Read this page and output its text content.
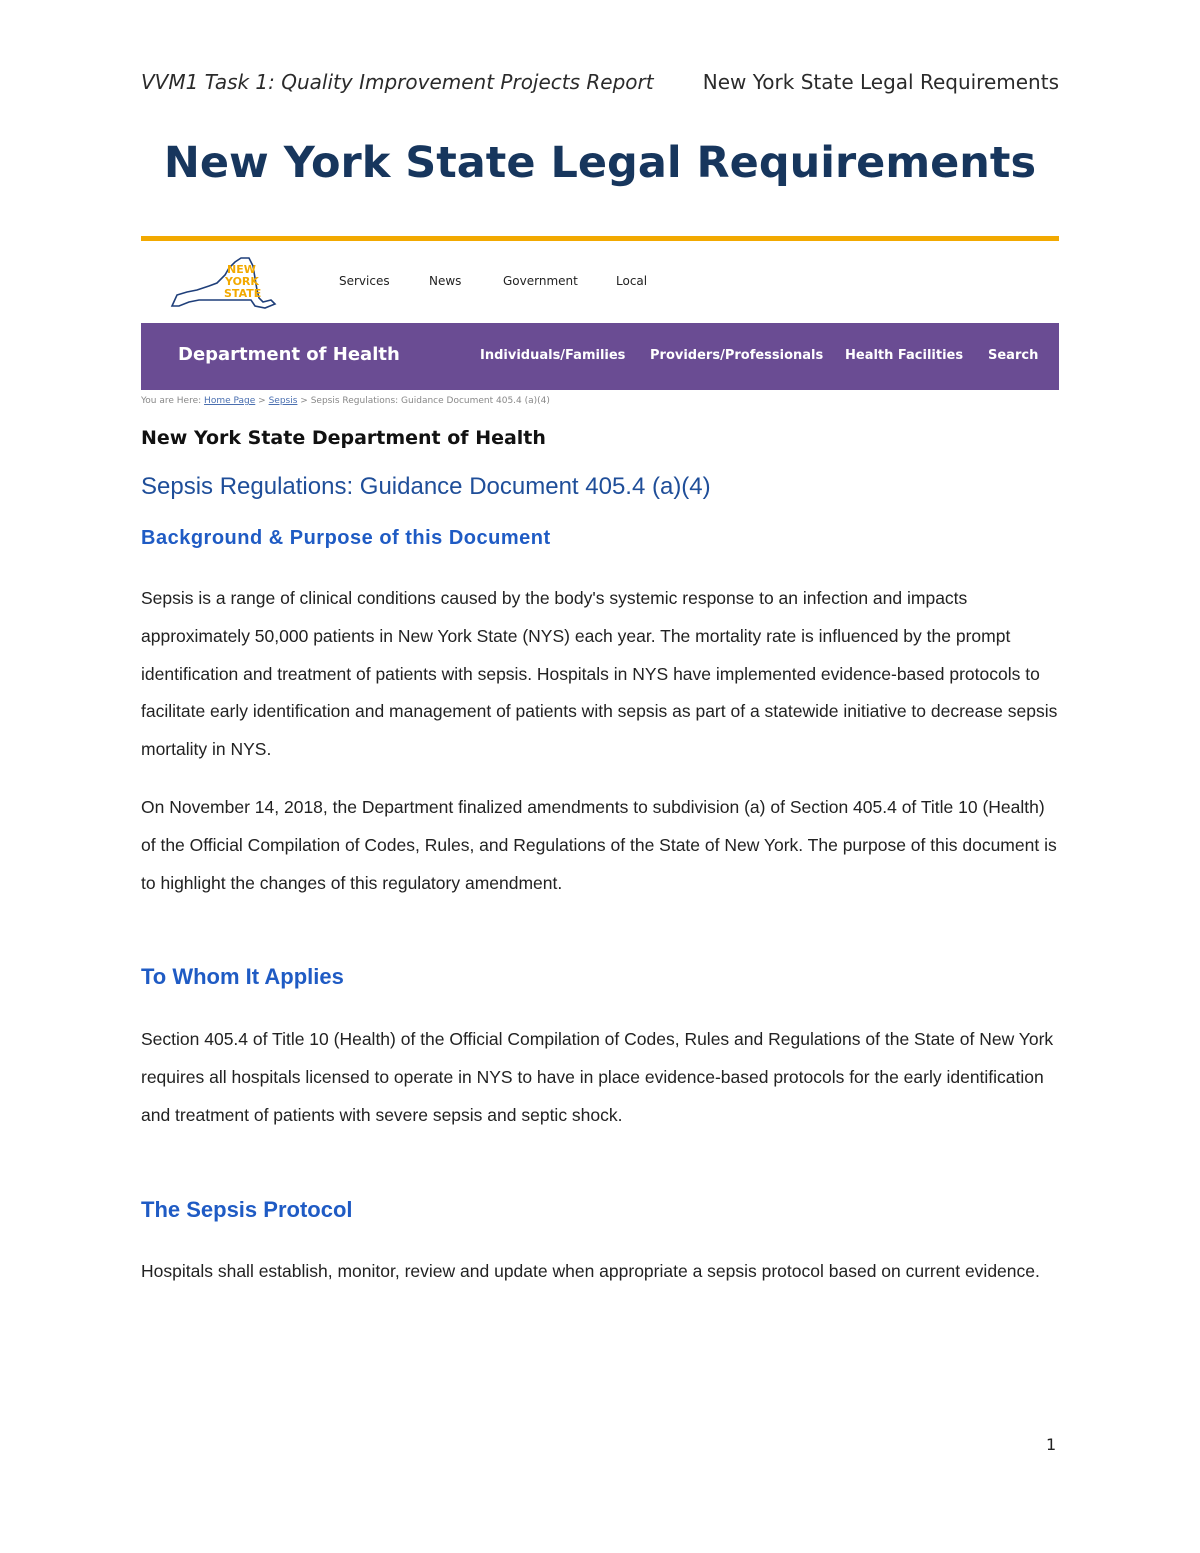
VVM1 Task 1: Quality Improvement Projects Report New York State Legal Requirements
New York State Legal Requirements
NEW
YORK
STATE
Services	News	Government	Local
Department of Health	Individuals/Families Providers/Professionals Health Facilities Search
You are Here: Home Page > Sepsis > Sepsis Regulations: Guidance Document 405.4 (a)(4)
New York State Department of Health
Sepsis Regulations: Guidance Document 405.4 (a)(4)
Background & Purpose of this Document

Sepsis is a range of clinical conditions caused by the body's systemic response to an infection and impacts approximately 50,000 patients in New York State (NYS) each year. The mortality rate is influenced by the prompt identification and treatment of patients with sepsis. Hospitals in NYS have implemented evidence-based protocols to facilitate early identification and management of patients with sepsis as part of a statewide initiative to decrease sepsis mortality in NYS.

On November 14, 2018, the Department finalized amendments to subdivision (a) of Section 405.4 of Title 10 (Health) of the Official Compilation of Codes, Rules, and Regulations of the State of New York. The purpose of this document is to highlight the changes of this regulatory amendment.

To Whom It Applies

Section 405.4 of Title 10 (Health) of the Official Compilation of Codes, Rules and Regulations of the State of New York requires all hospitals licensed to operate in NYS to have in place evidence-based protocols for the early identification and treatment of patients with severe sepsis and septic shock.

The Sepsis Protocol

Hospitals shall establish, monitor, review and update when appropriate a sepsis protocol based on current evidence.

1
